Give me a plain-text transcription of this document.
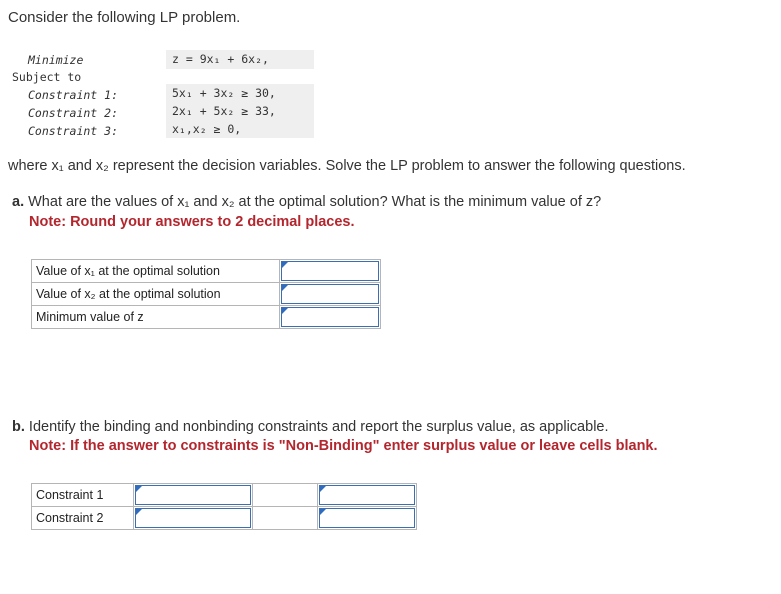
Consider the following LP problem.
Minimize	z = 9x₁ + 6x₂,
Subject to
Constraint 1:	5x₁ + 3x₂ ≥ 30,
Constraint 2:	2x₁ + 5x₂ ≥ 33,
Constraint 3:	x₁,x₂ ≥ 0,
where x₁ and x₂ represent the decision variables. Solve the LP problem to answer the following questions.
a. What are the values of x₁ and x₂ at the optimal solution? What is the minimum value of z?
Note: Round your answers to 2 decimal places.
Value of x₁ at the optimal solution	

Value of x₂ at the optimal solution	

Minimum value of z	
b. Identify the binding and nonbinding constraints and report the surplus value, as applicable.
Note: If the answer to constraints is "Non-Binding" enter surplus value or leave cells blank.
Constraint 1	

Constraint 2	
